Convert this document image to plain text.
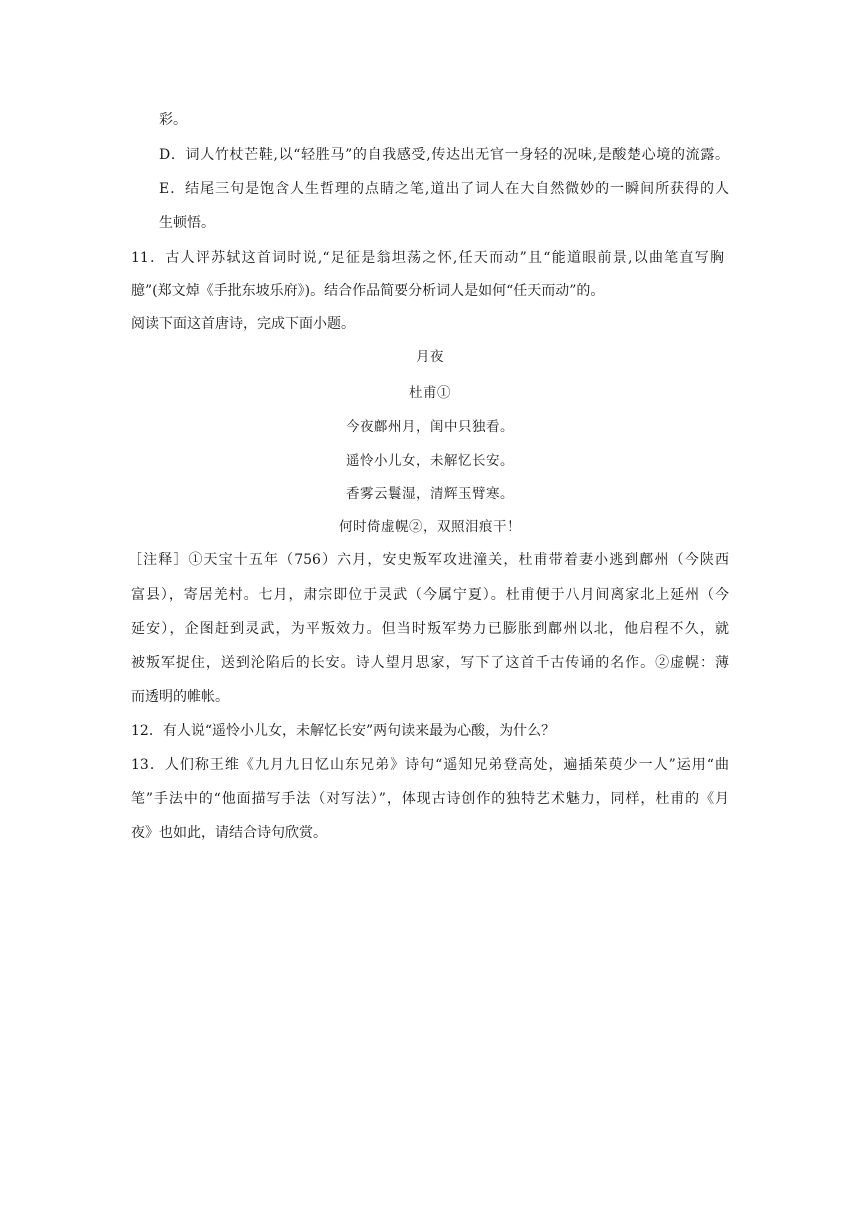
彩。
D．词人竹杖芒鞋,以“轻胜马”的自我感受,传达出无官一身轻的况味,是酸楚心境的流露。
E．结尾三句是饱含人生哲理的点睛之笔,道出了词人在大自然微妙的一瞬间所获得的人
生顿悟。
11．古人评苏轼这首词时说,“足征是翁坦荡之怀,任天而动”且“能道眼前景,以曲笔直写胸
臆”(郑文焯《手批东坡乐府》)。结合作品简要分析词人是如何“任天而动”的。
阅读下面这首唐诗，完成下面小题。
月夜
杜甫①
今夜鄜州月，闺中只独看。
遥怜小儿女，未解忆长安。
香雾云鬟湿，清辉玉臂寒。
何时倚虚幌②，双照泪痕干！
［注释］①天宝十五年（756）六月，安史叛军攻进潼关，杜甫带着妻小逃到鄜州（今陕西
富县），寄居羌村。七月，肃宗即位于灵武（今属宁夏）。杜甫便于八月间离家北上延州（今
延安），企图赶到灵武，为平叛效力。但当时叛军势力已膨胀到鄜州以北，他启程不久，就
被叛军捉住，送到沦陷后的长安。诗人望月思家，写下了这首千古传诵的名作。②虚幌：薄
而透明的帷帐。
12．有人说“遥怜小儿女，未解忆长安”两句读来最为心酸，为什么？
13．人们称王维《九月九日忆山东兄弟》诗句“遥知兄弟登高处，遍插茱萸少一人”运用“曲
笔”手法中的“他面描写手法（对写法）”，体现古诗创作的独特艺术魅力，同样，杜甫的《月
夜》也如此，请结合诗句欣赏。
